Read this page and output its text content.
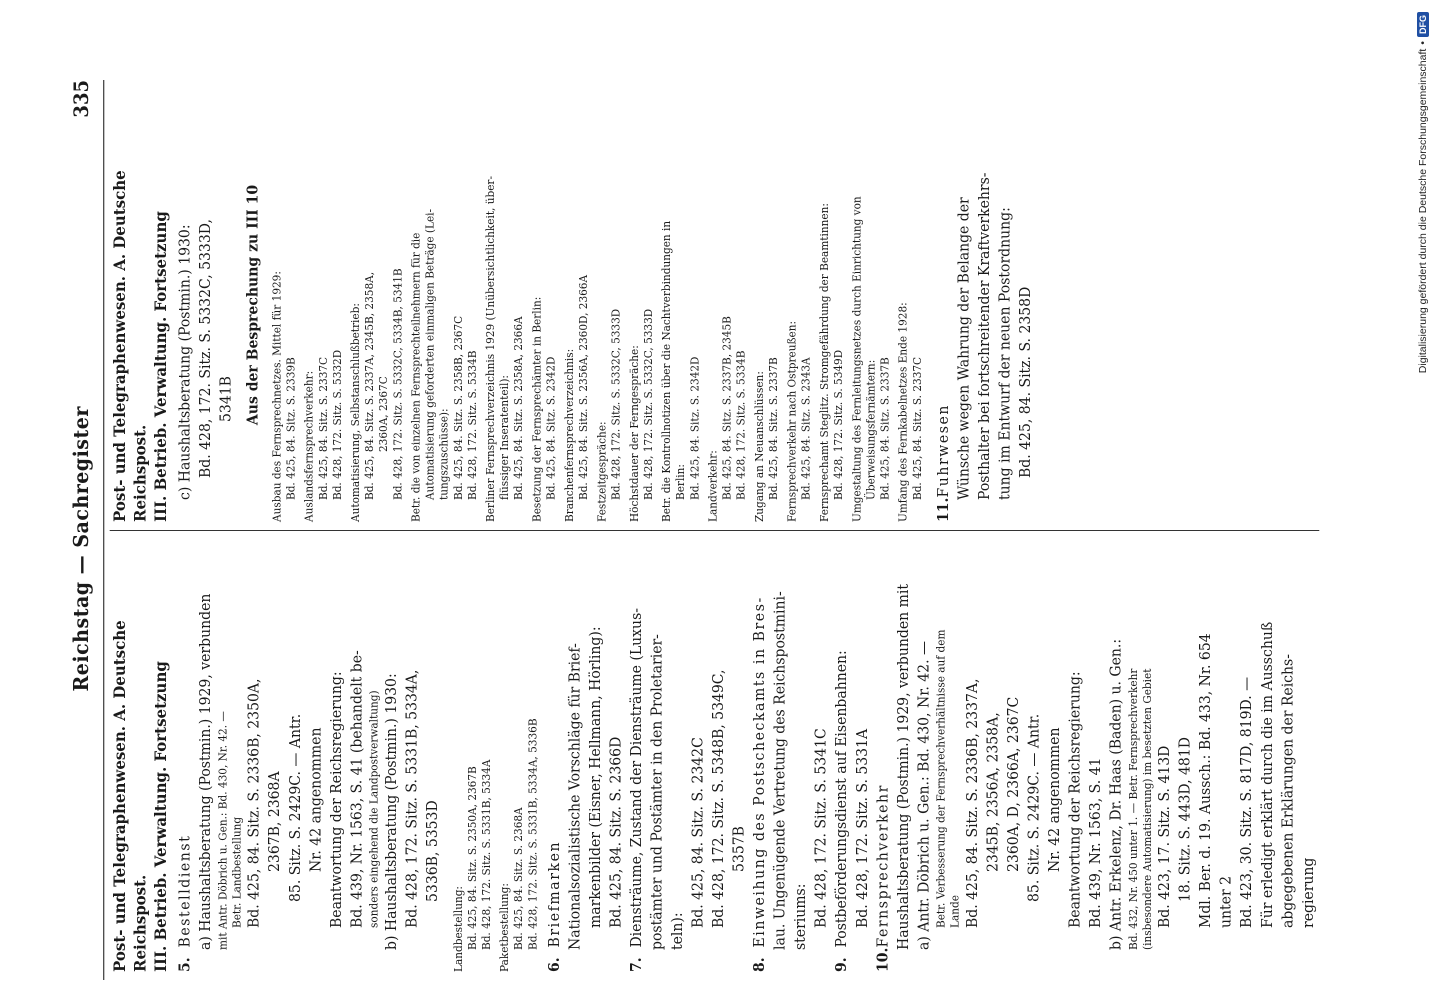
Reichstag — Sachregister
335
Post- und Telegraphenwesen. A. Deutsche Reichspost. III. Betrieb. Verwaltung. Fortsetzung 5. Bestelldienst a) Haushaltsberatung (Postmin.) 1929, verbunden mit Antr. Döbrich u. Gen.: Bd. 430, Nr. 42. — Betr. Landbestellung Bd. 425, 84. Sitz. S. 2336B, 2350A, 2367B, 2368A 85. Sitz. S. 2429C. — Antr. Nr. 42 angenommen Beantwortung der Reichsregierung: Bd. 439, Nr. 1563, S. 41 (behandelt be- sonders eingehend die Landpostverwaltung) b) Haushaltsberatung (Postmin.) 1930: Bd. 428, 172. Sitz. S. 5331B, 5334A, 5336B, 5353D
Landbestellung: Bd. 425, 84. Sitz. S. 2350A, 2367B Bd. 428, 172. Sitz. S. 5331B, 5334A Paketbestellung: Bd. 425, 84. Sitz. S. 2368A Bd. 428, 172. Sitz. S. 5331B, 5334A, 5336B
6. Briefmarken Nationalsozialistische Vorschläge für Brief- markenbilder (Eisner, Hellmann, Hörling): Bd. 425, 84. Sitz. S. 2366D
7. Diensträume, Zustand der Diensträume (Luxus- postämter und Postämter in den Proletarier- teln):
Bd. 425, 84. Sitz. S. 2342C Bd. 428, 172. Sitz. S. 5348B, 5349C, 5357B
8. Einweihung des Postscheckamts in Bres- lau. Ungenügende Vertretung des Reichspostmini- steriums: Bd. 428, 172. Sitz. S. 5341C
9. Postbeförderungsdienst auf Eisenbahnen: Bd. 428, 172. Sitz. S. 5331A
10. Fernsprechverkehr Haushaltsberatung (Postmin.) 1929, verbunden mit a) Antr. Döbrich u. Gen.: Bd. 430, Nr. 42. — Betr. Verbesserung der Fernsprechverhältnisse auf dem Lande Bd. 425, 84. Sitz. S. 2336B, 2337A, 2345B, 2356A, 2358A, 2360A, D, 2366A, 2367C 85. Sitz. S. 2429C. — Antr. Nr. 42 angenommen Beantwortung der Reichsregierung: Bd. 439, Nr. 1563, S. 41 b) Antr. Erkelenz, Dr. Haas (Baden) u. Gen.: Bd. 432, Nr. 450 unter 1. — Betr. Fernsprechverkehr (insbesondere Automatisierung) im besetzten Gebiet Bd. 423, 17. Sitz. S. 413D 18. Sitz. S. 443D, 481D Mdl. Ber. d. 19. Aussch.: Bd. 433, Nr. 654 unter 2 Bd. 423, 30. Sitz. S. 817D, 819D. — Für erledigt erklärt durch die im Ausschuß abgegebenen Erklärungen der Reichs- regierung
Post- und Telegraphenwesen. A. Deutsche Reichspost. III. Betrieb. Verwaltung. Fortsetzung c) Haushaltsberatung (Postmin.) 1930: Bd. 428, 172. Sitz. S. 5332C, 5333D, 5341B Aus der Besprechung zu III 10 Ausbau des Fernsprechnetzes. Mittel für 1929: Bd. 425, 84. Sitz. S. 2339B Auslandsfernsprechverkehr: Bd. 425, 84. Sitz. S. 2337C Bd. 428, 172. Sitz. S. 5332D Automatisierung, Selbstanschlußbetrieb: Bd. 425, 84. Sitz. S. 2337A, 2345B, 2358A, 2360A, 2367C Bd. 428, 172. Sitz. S. 5332C, 5334B, 5341B Betr. die von einzelnen Fernsprechteilnehmern für die Automatisierung geforderten einmaligen Beträge (Lei- tungszuschüsse): Bd. 425, 84. Sitz. S. 2358B, 2367C Bd. 428, 172. Sitz. S. 5334B Berliner Fernsprechverzeichnis 1929 (Unübersichtlichkeit, über- flüssiger Inseratenteil): Bd. 425, 84. Sitz. S. 2358A, 2366A Besetzung der Fernsprechämter in Berlin: Bd. 425, 84. Sitz. S. 2342D Branchenfernsprechverzeichnis: Bd. 425, 84. Sitz. S. 2356A, 2360D, 2366A Festzeitgespräche: Bd. 428, 172. Sitz. S. 5332C, 5333D Höchstdauer der Ferngespräche: Bd. 428, 172. Sitz. S. 5332C, 5333D Betr. die Kontrollnotizen über die Nachtverbindungen in Berlin: Bd. 425, 84. Sitz. S. 2342D Landverkehr: Bd. 425, 84. Sitz. S. 2337B, 2345B Bd. 428, 172. Sitz. S. 5334B Zugang an Neuanschlüssen: Bd. 425, 84. Sitz. S. 2337B Fernsprechverkehr nach Ostpreußen: Bd. 425, 84. Sitz. S. 2343A Fernsprechamt Steglitz. Stromgefährdung der Beamtinnen: Bd. 428, 172. Sitz. S. 5349D Umgestaltung des Fernleitungsnetzes durch Einrichtung von Überweisungsfernämtern: Bd. 425, 84. Sitz. S. 2337B Umfang des Fernkabelnetzes Ende 1928: Bd. 425, 84. Sitz. S. 2337C
11. Fuhrwesen Wünsche wegen Wahrung der Belange der Posthalter bei fortschreitender Kraftverkehrs- tung im Entwurf der neuen Postordnung: Bd. 425, 84. Sitz. S. 2358D
Digitalisierung gefördert durch die Deutsche Forschungsgemeinschaft
•
DFG
